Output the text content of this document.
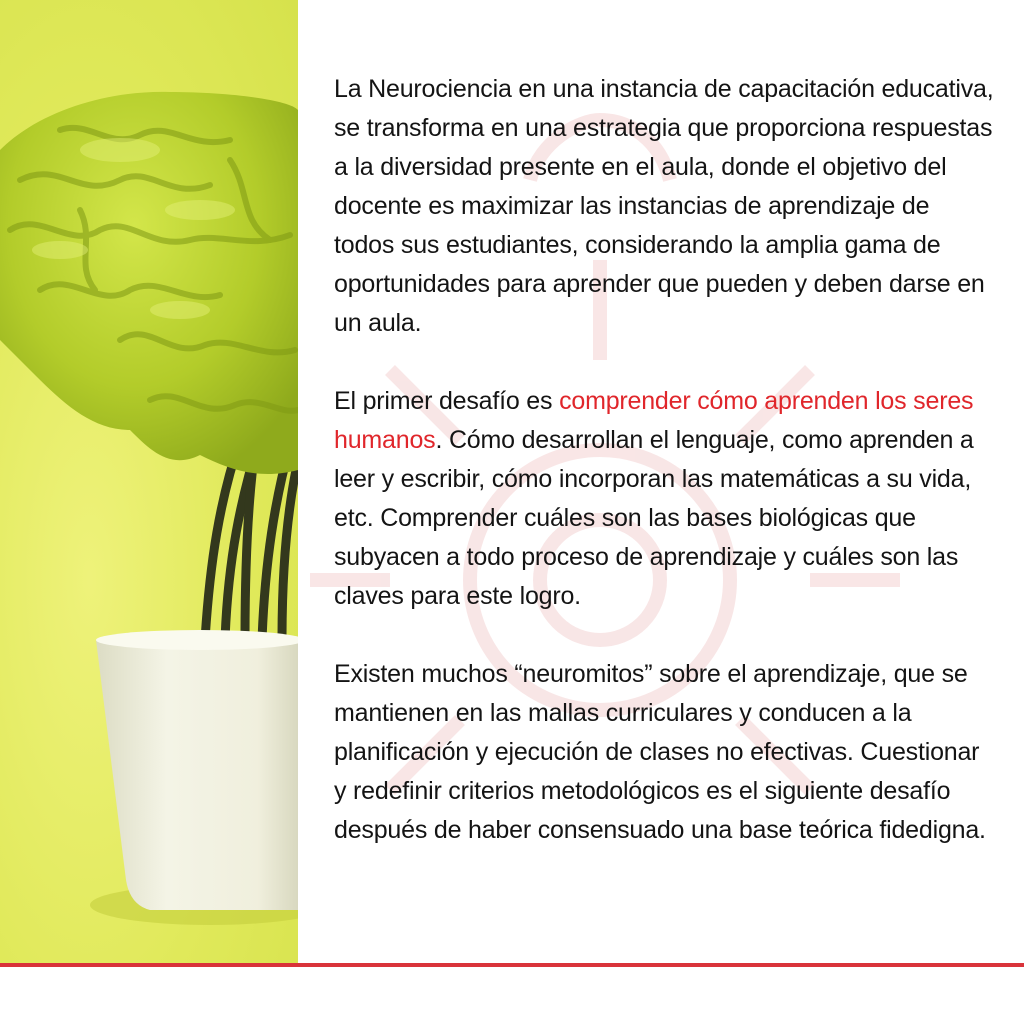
La Neurociencia en una instancia de capacitación educativa, se transforma en una estrategia que proporciona respuestas a la diversidad presente en el aula, donde el objetivo del docente es maximizar las instancias de aprendizaje de todos sus estudiantes, considerando la amplia gama de oportunidades para aprender que pueden y deben darse en un aula.

El primer desafío es comprender cómo aprenden los seres humanos. Cómo desarrollan el lenguaje, como aprenden a leer y escribir, cómo incorporan las matemáticas a su vida, etc. Comprender cuáles son las bases biológicas que subyacen a todo proceso de aprendizaje y cuáles son las claves para este logro.

Existen muchos “neuromitos” sobre el aprendizaje, que se mantienen en las mallas curriculares y conducen a la planificación y ejecución de clases no efectivas. Cuestionar y redefinir criterios metodológicos es el siguiente desafío después de haber consensuado una base teórica fidedigna.
